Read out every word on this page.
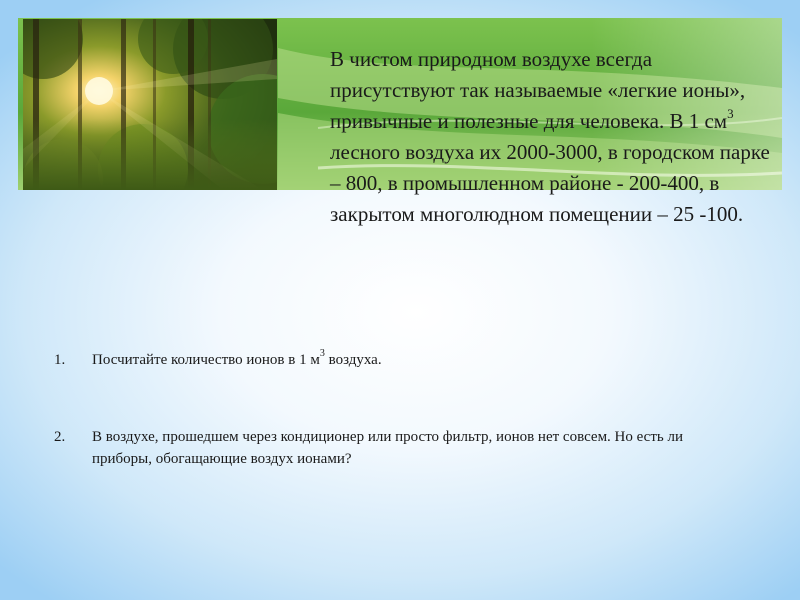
В чистом природном воздухе всегда присутствуют так называемые «легкие ионы», привычные и полезные для человека. В 1 $см^3$ лесного воздуха их 2000-3000, в городском парке – 800, в промышленном районе - 200-400, в закрытом многолюдном помещении – 25 -100.

1.	Посчитайте количество ионов в 1 $м^3$ воздуха.

2.	В воздухе, прошедшем через кондиционер или просто фильтр, ионов нет совсем. Но есть ли приборы, обогащающие воздух ионами?
